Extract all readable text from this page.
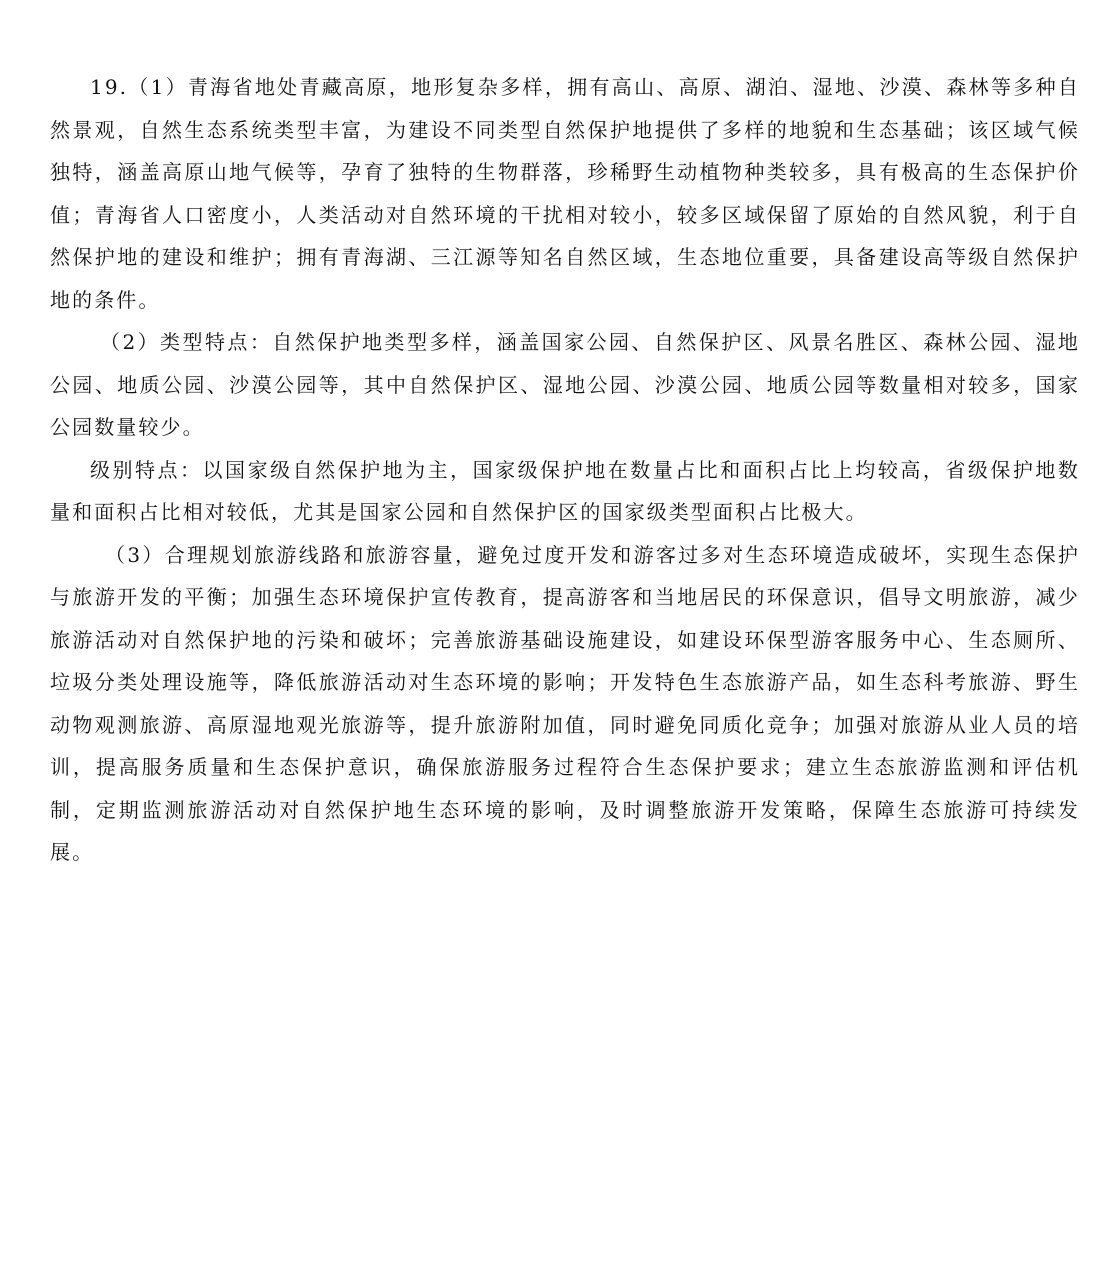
19.（1）青海省地处青藏高原，地形复杂多样，拥有高山、高原、湖泊、湿地、沙漠、森林等多种自然景观，自然生态系统类型丰富，为建设不同类型自然保护地提供了多样的地貌和生态基础；该区域气候独特，涵盖高原山地气候等，孕育了独特的生物群落，珍稀野生动植物种类较多，具有极高的生态保护价值；青海省人口密度小，人类活动对自然环境的干扰相对较小，较多区域保留了原始的自然风貌，利于自然保护地的建设和维护；拥有青海湖、三江源等知名自然区域，生态地位重要，具备建设高等级自然保护地的条件。

（2）类型特点：自然保护地类型多样，涵盖国家公园、自然保护区、风景名胜区、森林公园、湿地公园、地质公园、沙漠公园等，其中自然保护区、湿地公园、沙漠公园、地质公园等数量相对较多，国家公园数量较少。

级别特点：以国家级自然保护地为主，国家级保护地在数量占比和面积占比上均较高，省级保护地数量和面积占比相对较低，尤其是国家公园和自然保护区的国家级类型面积占比极大。

（3）合理规划旅游线路和旅游容量，避免过度开发和游客过多对生态环境造成破坏，实现生态保护与旅游开发的平衡；加强生态环境保护宣传教育，提高游客和当地居民的环保意识，倡导文明旅游，减少旅游活动对自然保护地的污染和破坏；完善旅游基础设施建设，如建设环保型游客服务中心、生态厕所、垃圾分类处理设施等，降低旅游活动对生态环境的影响；开发特色生态旅游产品，如生态科考旅游、野生动物观测旅游、高原湿地观光旅游等，提升旅游附加值，同时避免同质化竞争；加强对旅游从业人员的培训，提高服务质量和生态保护意识，确保旅游服务过程符合生态保护要求；建立生态旅游监测和评估机制，定期监测旅游活动对自然保护地生态环境的影响，及时调整旅游开发策略，保障生态旅游可持续发展。
